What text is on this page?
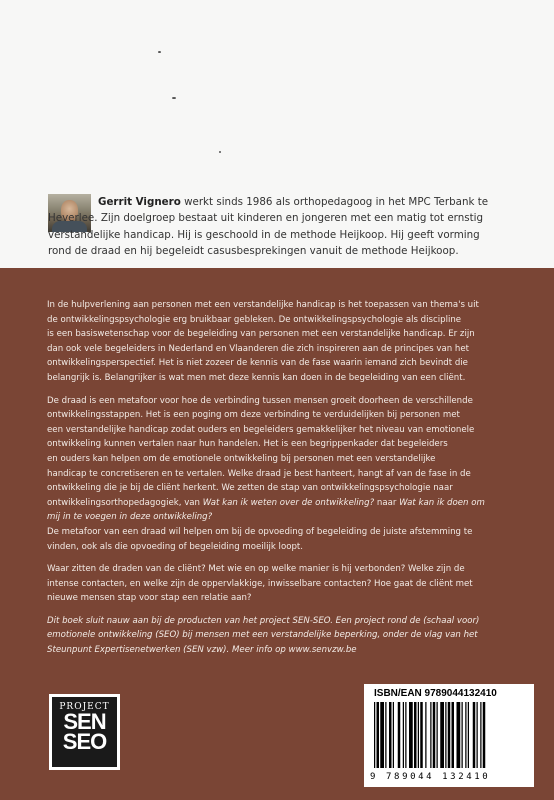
Gerrit Vignero werkt sinds 1986 als orthopedagoog in het MPC Terbank te
Heverlee. Zijn doelgroep bestaat uit kinderen en jongeren met een matig tot ernstig
verstandelijke handicap. Hij is geschoold in de methode Heijkoop. Hij geeft vorming
rond de draad en hij begeleidt casusbesprekingen vanuit de methode Heijkoop.
In de hulpverlening aan personen met een verstandelijke handicap is het toepassen van thema's uit
de ontwikkelingspsychologie erg bruikbaar gebleken. De ontwikkelingspsychologie als discipline
is een basiswetenschap voor de begeleiding van personen met een verstandelijke handicap. Er zijn
dan ook vele begeleiders in Nederland en Vlaanderen die zich inspireren aan de principes van het
ontwikkelingsperspectief. Het is niet zozeer de kennis van de fase waarin iemand zich bevindt die
belangrijk is. Belangrijker is wat men met deze kennis kan doen in de begeleiding van een cliënt.
De draad is een metafoor voor hoe de verbinding tussen mensen groeit doorheen de verschillende
ontwikkelingsstappen. Het is een poging om deze verbinding te verduidelijken bij personen met
een verstandelijke handicap zodat ouders en begeleiders gemakkelijker het niveau van emotionele
ontwikkeling kunnen vertalen naar hun handelen. Het is een begrippenkader dat begeleiders
en ouders kan helpen om de emotionele ontwikkeling bij personen met een verstandelijke
handicap te concretiseren en te vertalen. Welke draad je best hanteert, hangt af van de fase in de
ontwikkeling die je bij de cliënt herkent. We zetten de stap van ontwikkelingspsychologie naar
ontwikkelingsorthopedagogiek, van Wat kan ik weten over de ontwikkeling? naar Wat kan ik doen om
mij in te voegen in deze ontwikkeling?
De metafoor van een draad wil helpen om bij de opvoeding of begeleiding de juiste afstemming te
vinden, ook als die opvoeding of begeleiding moeilijk loopt.
Waar zitten de draden van de cliënt? Met wie en op welke manier is hij verbonden? Welke zijn de
intense contacten, en welke zijn de oppervlakkige, inwisselbare contacten? Hoe gaat de cliënt met
nieuwe mensen stap voor stap een relatie aan?
Dit boek sluit nauw aan bij de producten van het project SEN-SEO. Een project rond de (schaal voor)
emotionele ontwikkeling (SEO) bij mensen met een verstandelijke beperking, onder de vlag van het
Steunpunt Expertisenetwerken (SEN vzw). Meer info op www.senvzw.be
PROJECT
SEN
SEO
ISBN/EAN 9789044132410
9 789044 132410
